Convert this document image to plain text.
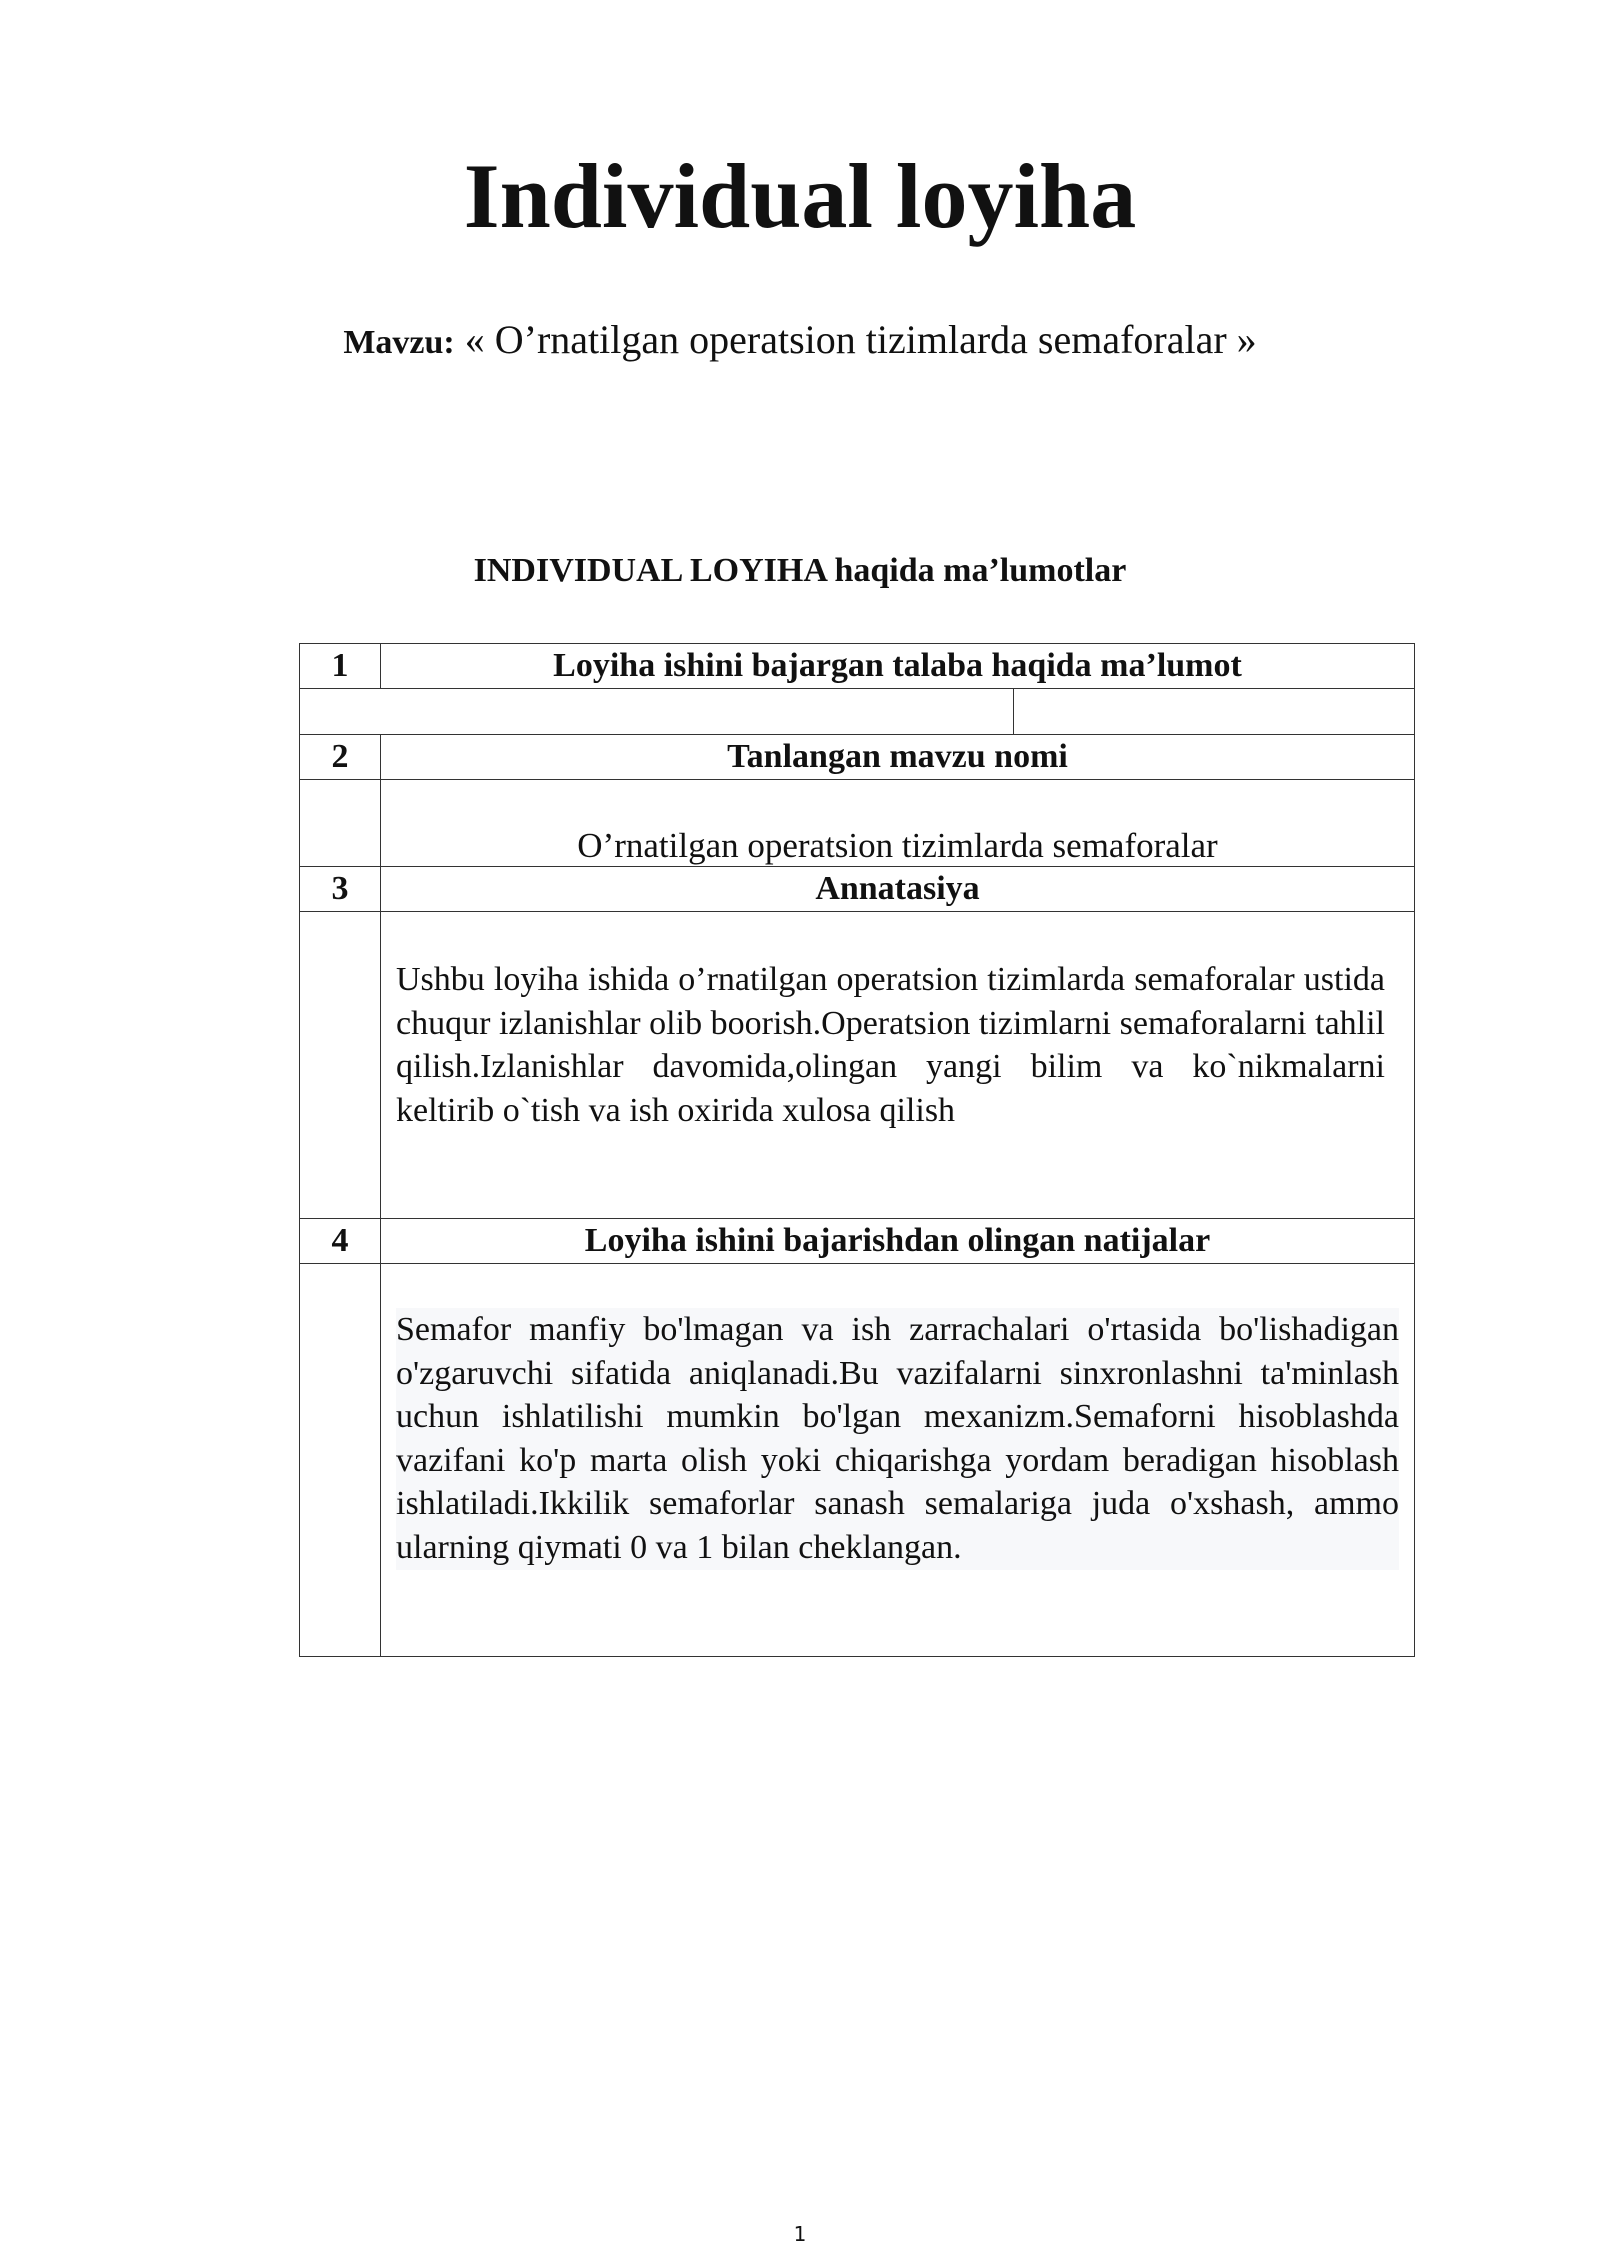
Individual loyiha
Mavzu: « O’rnatilgan operatsion tizimlarda semaforalar »
INDIVIDUAL LOYIHA haqida ma’lumotlar
1	Loyiha ishini bajargan talaba haqida ma’lumot

2	Tanlangan mavzu nomi

	O’rnatilgan operatsion tizimlarda semaforalar

3	Annatasiya

	Ushbu loyiha ishida o’rnatilgan operatsion tizimlarda semaforalar ustida chuqur izlanishlar olib boorish.Operatsion tizimlarni semaforalarni tahlil qilish.Izlanishlar davomida,olingan yangi bilim va ko`nikmalarni keltirib o`tish va ish oxirida xulosa qilish

4	Loyiha ishini bajarishdan olingan natijalar

	Semafor manfiy bo'lmagan va ish zarrachalari o'rtasida bo'lishadigan o'zgaruvchi sifatida aniqlanadi.Bu vazifalarni sinxronlashni ta'minlash uchun ishlatilishi mumkin bo'lgan mexanizm.Semaforni hisoblashda vazifani ko'p marta olish yoki chiqarishga yordam beradigan hisoblash ishlatiladi.Ikkilik semaforlar sanash semalariga juda o'xshash, ammo ularning qiymati 0 va 1 bilan cheklangan.
1
